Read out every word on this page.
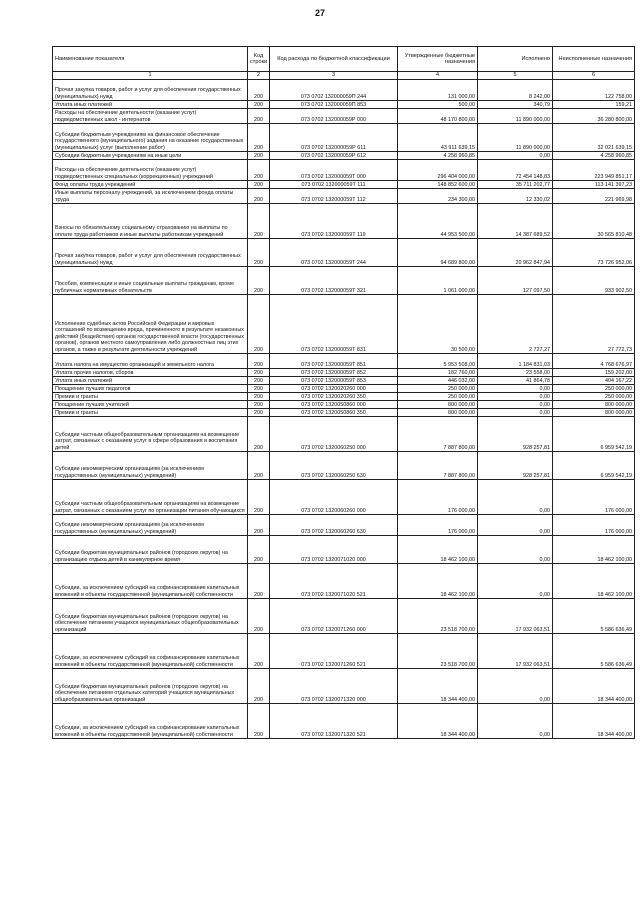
27
Наименование показателя	Код строки	Код расхода по бюджетной классификации	Утвержденные бюджетные назначения	Исполнено	Неисполненные назначения
1	2	3	4	5	6
Прочая закупка товаров, работ и услуг для обеспечения государственных (муниципальных) нужд	200	073 0702 132000059П 244	131 000,00	8 242,00	122 758,00
Уплата иных платежей	200	073 0702 132000059П 853	500,00	340,79	159,21
Расходы на обеспечение деятельности (оказание услуг) подведомственных школ - интернатов	200	073 0702 132000059Р 000	48 170 800,00	11 890 000,00	36 280 800,00
Субсидии бюджетным учреждениям на финансовое обеспечение государственного (муниципального) задания на оказание государственных (муниципальных) услуг (выполнение работ)	200	073 0702 132000059Р 611	43 911 639,15	11 890 000,00	32 021 639,15
Субсидии бюджетным учреждениям на иные цели	200	073 0702 132000059Р 612	4 258 960,85	0,00	4 258 960,85
Расходы на обеспечение деятельности (оказание услуг) подведомственных специальных (коррекционных) учреждений	200	073 0702 132000059Т 000	296 404 000,00	72 454 148,83	223 949 851,17
Фонд оплаты труда учреждений	200	073 0702 132000059Т 111	148 852 600,00	35 711 202,77	113 141 397,23
Иные выплаты персоналу учреждений, за исключением фонда оплаты труда	200	073 0702 132000059Т 112	234 300,00	12 330,02	221 969,98
Взносы по обязательному социальному страхованию на выплаты по оплате труда работников и иные выплаты работникам учреждений	200	073 0702 132000059Т 119	44 953 500,00	14 387 689,52	30 565 810,48
Прочая закупка товаров, работ и услуг для обеспечения государственных (муниципальных) нужд	200	073 0702 132000059Т 244	94 689 800,00	20 962 847,94	73 726 952,06
Пособия, компенсации и иные социальные выплаты гражданам, кроме публичных нормативных обязательств	200	073 0702 132000059Т 321	1 061 000,00	127 097,50	933 902,50
Исполнение судебных актов Российской Федерации и мировых соглашений по возмещению вреда, причиненного в результате незаконных действий (бездействия) органов государственной власти (государственных органов), органов местного самоуправления либо должностных лиц этих органов, а также в результате деятельности учреждений	200	073 0702 132000059Т 831	30 500,00	2 727,27	27 772,73
Уплата налога на имущество организаций и земельного налога	200	073 0702 132000059Т 851	5 953 508,00	1 184 831,03	4 768 676,97
Уплата прочих налогов, сборов	200	073 0702 132000059Т 852	182 760,00	23 558,00	159 202,00
Уплата иных платежей	200	073 0702 132000059Т 853	446 032,00	41 864,78	404 167,22
Поощрение лучших педагогов	200	073 0702 1320020260 000	250 000,00	0,00	250 000,00
Премии и гранты	200	073 0702 1320020260 350	250 000,00	0,00	250 000,00
Поощрение лучших учителей	200	073 0702 1320050860 000	800 000,00	0,00	800 000,00
Премии и гранты	200	073 0702 1320050860 350	800 000,00	0,00	800 000,00
Субсидии частным общеобразовательным организациям на возмещение затрат, связанных с оказанием услуг в сфере образования и воспитания детей	200	073 0702 1320060250 000	7 887 800,00	928 257,81	6 959 542,19
Субсидии некоммерческим организациям (за исключением государственных (муниципальных) учреждений)	200	073 0702 1320060250 630	7 887 800,00	928 257,81	6 959 542,19
Субсидии частным общеобразовательным организациям на возмещение затрат, связанных с оказанием услуг по организации питания обучающихся	200	073 0702 1320060260 000	176 000,00	0,00	176 000,00
Субсидии некоммерческим организациям (за исключением государственных (муниципальных) учреждений)	200	073 0702 1320060260 630	176 000,00	0,00	176 000,00
Субсидии бюджетам муниципальных районов (городских округов) на организацию отдыха детей в каникулярное время	200	073 0702 1320071020 000	18 462 100,00	0,00	18 462 100,00
Субсидии, за исключением субсидий на софинансирование капитальных вложений в объекты государственной (муниципальной) собственности	200	073 0702 1320071020 521	18 462 100,00	0,00	18 462 100,00
Субсидии бюджетам муниципальных районов (городских округов) на обеспечение питанием учащихся муниципальных общеобразовательных организаций	200	073 0702 1320071260 000	23 518 700,00	17 932 063,51	5 586 636,49
Субсидии, за исключением субсидий на софинансирование капитальных вложений в объекты государственной (муниципальной) собственности	200	073 0702 1320071260 521	23 518 700,00	17 932 063,51	5 586 636,49
Субсидии бюджетам муниципальных районов (городских округов) на обеспечение питанием отдельных категорий учащихся муниципальных общеобразовательных организаций	200	073 0702 1320071320 000	18 344 400,00	0,00	18 344 400,00
Субсидии, за исключением субсидий на софинансирование капитальных вложений в объекты государственной (муниципальной) собственности	200	073 0702 1320071320 521	18 344 400,00	0,00	18 344 400,00
